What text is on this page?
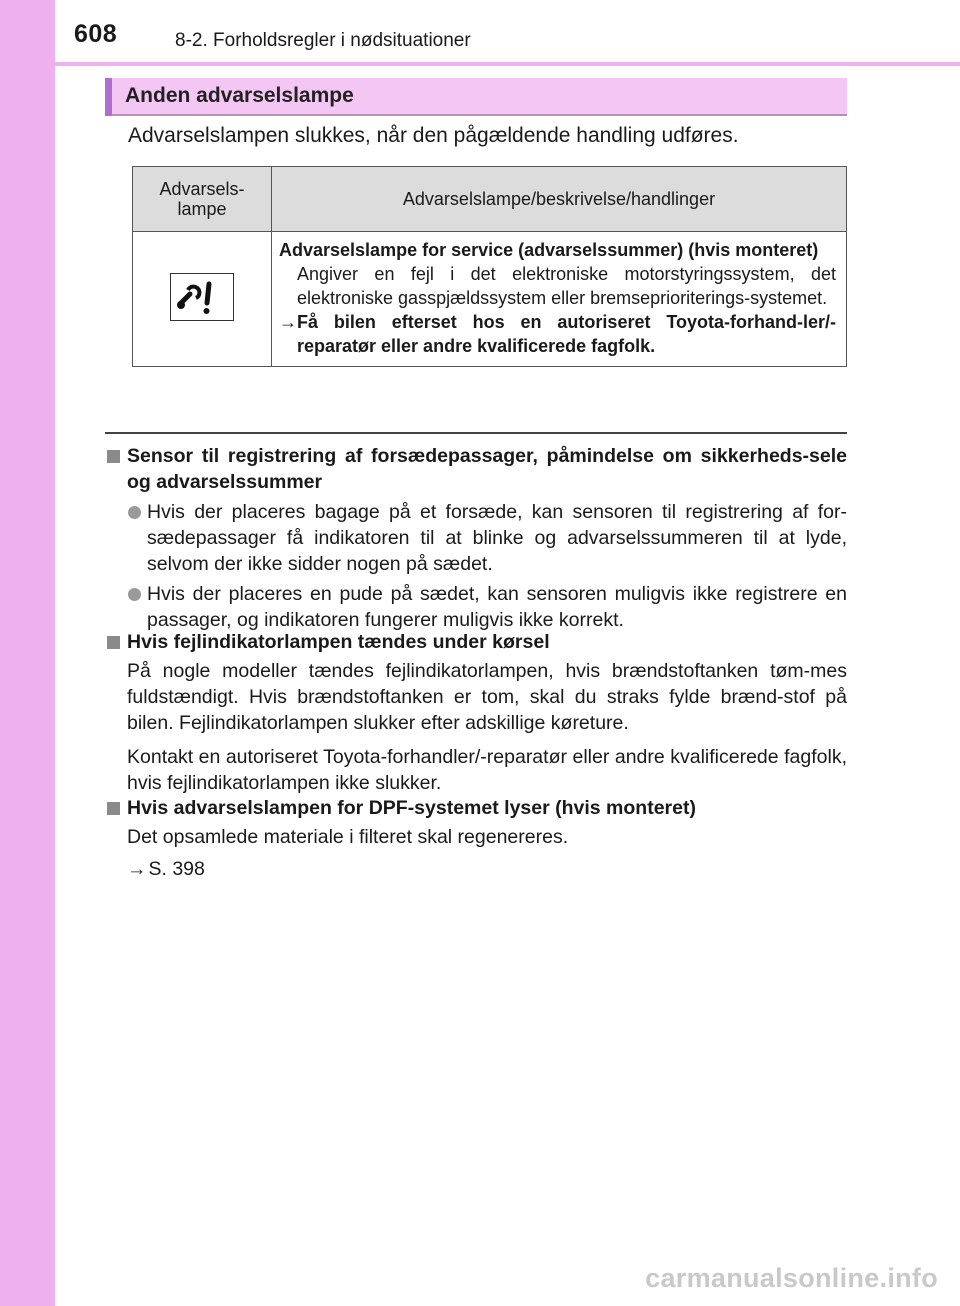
608	8-2. Forholdsregler i nødsituationer
Anden advarselslampe
Advarselslampen slukkes, når den pågældende handling udføres.
Advarsels-
lampe	Advarselslampe/beskrivelse/handlinger

Advarselslampe for service (advarselssummer) (hvis monteret)
Angiver en fejl i det elektroniske motorstyringssystem, det elektroniske gasspjældssystem eller bremseprioriterings-systemet.
→ Få bilen efterset hos en autoriseret Toyota-forhand-ler/-reparatør eller andre kvalificerede fagfolk.
Sensor til registrering af forsædepassager, påmindelse om sikkerheds-sele og advarselssummer
Hvis der placeres bagage på et forsæde, kan sensoren til registrering af for-sædepassager få indikatoren til at blinke og advarselssummeren til at lyde, selvom der ikke sidder nogen på sædet.
Hvis der placeres en pude på sædet, kan sensoren muligvis ikke registrere en passager, og indikatoren fungerer muligvis ikke korrekt.
Hvis fejlindikatorlampen tændes under kørsel
På nogle modeller tændes fejlindikatorlampen, hvis brændstoftanken tøm-mes fuldstændigt. Hvis brændstoftanken er tom, skal du straks fylde brænd-stof på bilen. Fejlindikatorlampen slukker efter adskillige køreture.
Kontakt en autoriseret Toyota-forhandler/-reparatør eller andre kvalificerede fagfolk, hvis fejlindikatorlampen ikke slukker.
Hvis advarselslampen for DPF-systemet lyser (hvis monteret)
Det opsamlede materiale i filteret skal regenereres.
→ S. 398
carmanualsonline.info
